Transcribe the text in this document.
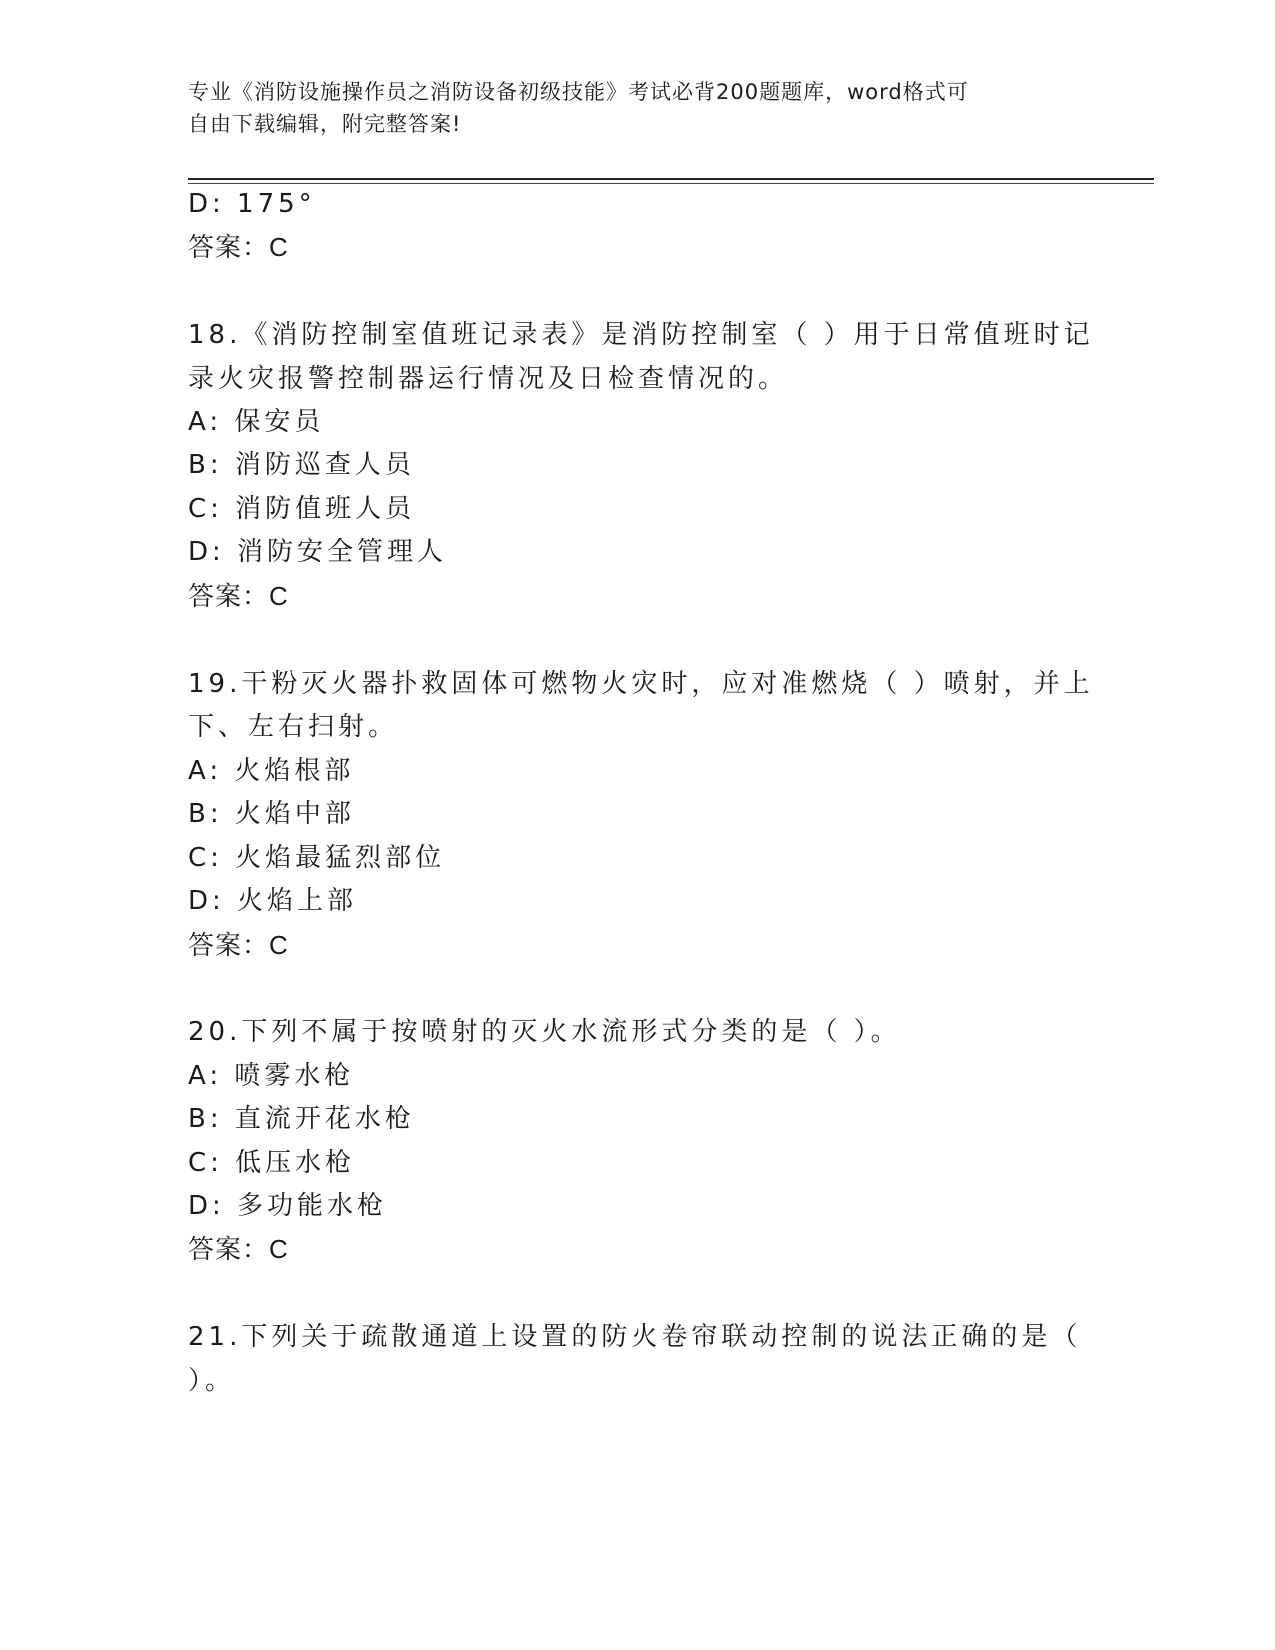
专业《消防设施操作员之消防设备初级技能》考试必背200题题库，word格式可
自由下载编辑，附完整答案!
D: 175°
答案：C
18.《消防控制室值班记录表》是消防控制室（ ）用于日常值班时记
录火灾报警控制器运行情况及日检查情况的。
A: 保安员
B: 消防巡查人员
C: 消防值班人员
D: 消防安全管理人
答案：C
19.干粉灭火器扑救固体可燃物火灾时，应对准燃烧（ ）喷射，并上
下、左右扫射。
A: 火焰根部
B: 火焰中部
C: 火焰最猛烈部位
D: 火焰上部
答案：C
20.下列不属于按喷射的灭火水流形式分类的是（ ）。
A: 喷雾水枪
B: 直流开花水枪
C: 低压水枪
D: 多功能水枪
答案：C
21.下列关于疏散通道上设置的防火卷帘联动控制的说法正确的是（
）。
